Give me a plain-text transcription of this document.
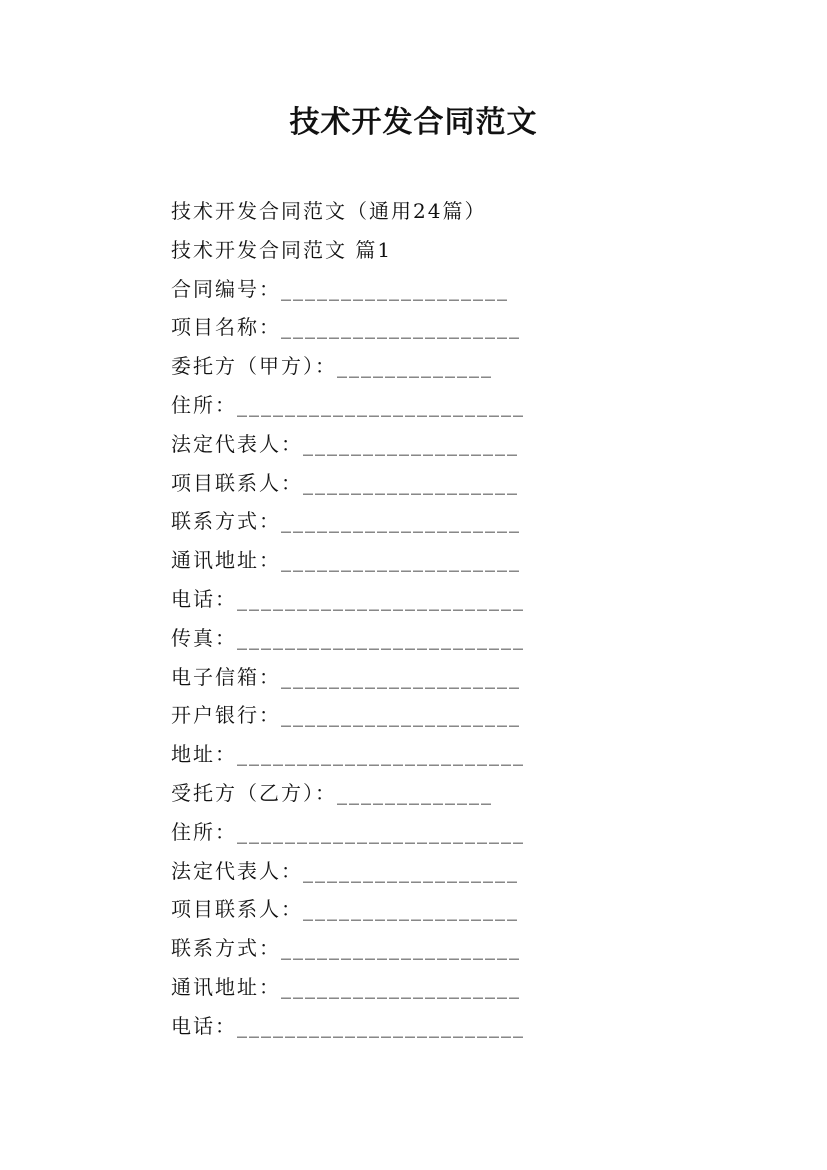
技术开发合同范文
技术开发合同范文（通用24篇）
技术开发合同范文 篇1
合同编号：___________________
项目名称：____________________
委托方（甲方）：_____________
住所：________________________
法定代表人：__________________
项目联系人：__________________
联系方式：____________________
通讯地址：____________________
电话：________________________
传真：________________________
电子信箱：____________________
开户银行：____________________
地址：________________________
受托方（乙方）：_____________
住所：________________________
法定代表人：__________________
项目联系人：__________________
联系方式：____________________
通讯地址：____________________
电话：________________________
